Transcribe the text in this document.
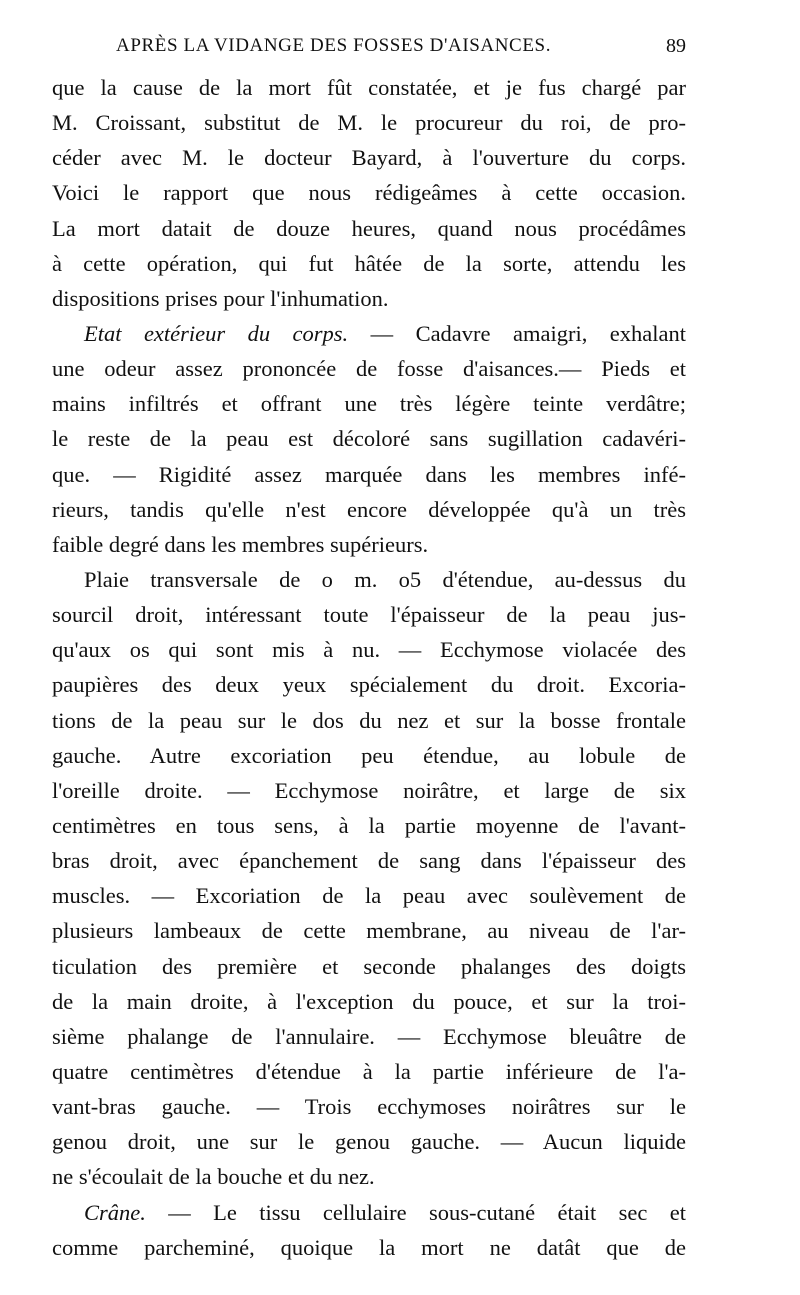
APRÈS LA VIDANGE DES FOSSES D'AISANCES.	89
que la cause de la mort fût constatée, et je fus chargé par
M. Croissant, substitut de M. le procureur du roi, de pro-
céder avec M. le docteur Bayard, à l'ouverture du corps.
Voici le rapport que nous rédigeâmes à cette occasion.
La mort datait de douze heures, quand nous procédâmes
à cette opération, qui fut hâtée de la sorte, attendu les
dispositions prises pour l'inhumation.
Etat extérieur du corps. — Cadavre amaigri, exhalant
une odeur assez prononcée de fosse d'aisances.— Pieds et
mains infiltrés et offrant une très légère teinte verdâtre;
le reste de la peau est décoloré sans sugillation cadavéri-
que. — Rigidité assez marquée dans les membres infé-
rieurs, tandis qu'elle n'est encore développée qu'à un très
faible degré dans les membres supérieurs.
Plaie transversale de o m. o5 d'étendue, au-dessus du
sourcil droit, intéressant toute l'épaisseur de la peau jus-
qu'aux os qui sont mis à nu. — Ecchymose violacée des
paupières des deux yeux spécialement du droit. Excoria-
tions de la peau sur le dos du nez et sur la bosse frontale
gauche. Autre excoriation peu étendue, au lobule de
l'oreille droite. — Ecchymose noirâtre, et large de six
centimètres en tous sens, à la partie moyenne de l'avant-
bras droit, avec épanchement de sang dans l'épaisseur des
muscles. — Excoriation de la peau avec soulèvement de
plusieurs lambeaux de cette membrane, au niveau de l'ar-
ticulation des première et seconde phalanges des doigts
de la main droite, à l'exception du pouce, et sur la troi-
sième phalange de l'annulaire. — Ecchymose bleuâtre de
quatre centimètres d'étendue à la partie inférieure de l'a-
vant-bras gauche. — Trois ecchymoses noirâtres sur le
genou droit, une sur le genou gauche. — Aucun liquide
ne s'écoulait de la bouche et du nez.
Crâne. — Le tissu cellulaire sous-cutané était sec et
comme parcheminé, quoique la mort ne datât que de
